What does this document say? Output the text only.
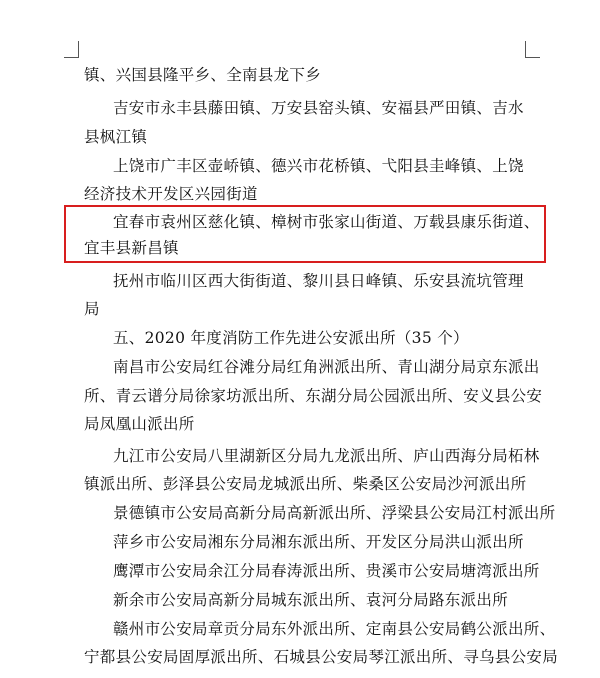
镇、兴国县隆平乡、全南县龙下乡
吉安市永丰县藤田镇、万安县窑头镇、安福县严田镇、吉水
县枫江镇
上饶市广丰区壶峤镇、德兴市花桥镇、弋阳县圭峰镇、上饶
经济技术开发区兴园街道
宜春市袁州区慈化镇、樟树市张家山街道、万载县康乐街道、
宜丰县新昌镇
抚州市临川区西大街街道、黎川县日峰镇、乐安县流坑管理
局
五、2020 年度消防工作先进公安派出所（35 个）
南昌市公安局红谷滩分局红角洲派出所、青山湖分局京东派出
所、青云谱分局徐家坊派出所、东湖分局公园派出所、安义县公安
局凤凰山派出所
九江市公安局八里湖新区分局九龙派出所、庐山西海分局柘林
镇派出所、彭泽县公安局龙城派出所、柴桑区公安局沙河派出所
景德镇市公安局高新分局高新派出所、浮梁县公安局江村派出所
萍乡市公安局湘东分局湘东派出所、开发区分局洪山派出所
鹰潭市公安局余江分局春涛派出所、贵溪市公安局塘湾派出所
新余市公安局高新分局城东派出所、袁河分局路东派出所
赣州市公安局章贡分局东外派出所、定南县公安局鹤公派出所、
宁都县公安局固厚派出所、石城县公安局琴江派出所、寻乌县公安局
